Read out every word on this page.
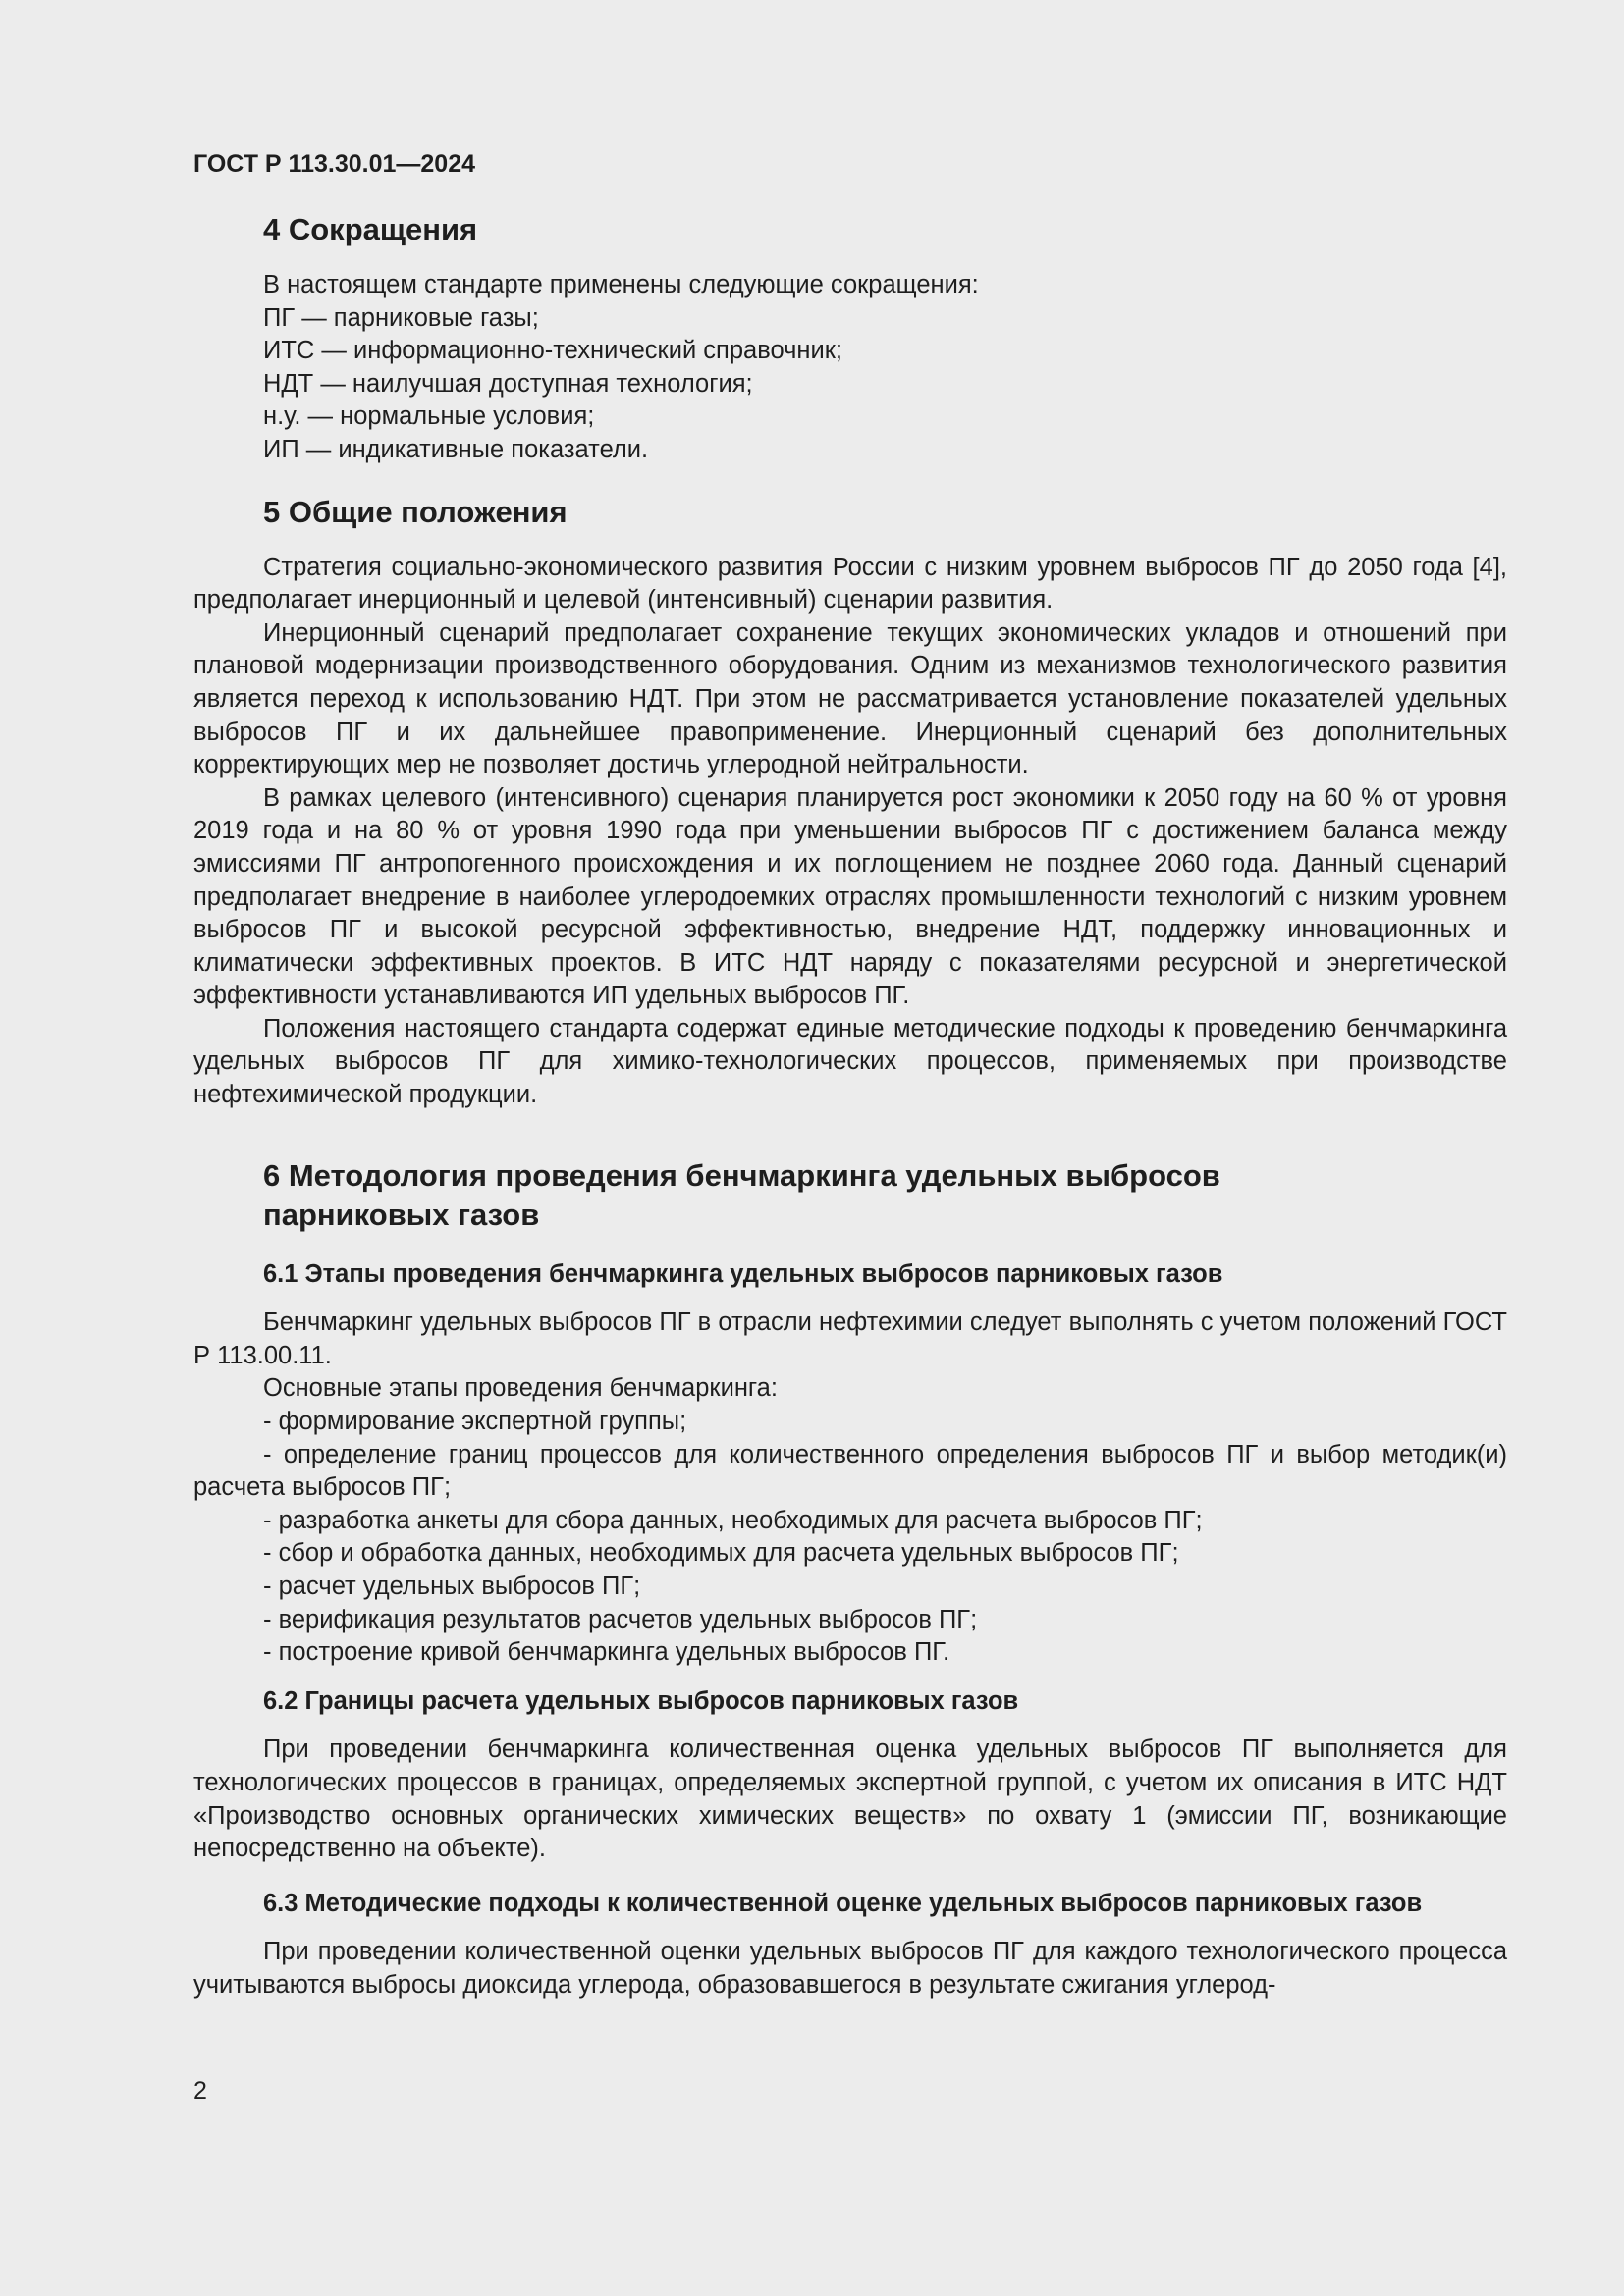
ГОСТ Р 113.30.01—2024
4 Сокращения

В настоящем стандарте применены следующие сокращения:

ПГ — парниковые газы;

ИТС — информационно-технический справочник;

НДТ — наилучшая доступная технология;

н.у. — нормальные условия;

ИП — индикативные показатели.

5 Общие положения

Стратегия социально-экономического развития России с низким уровнем выбросов ПГ до 2050 года [4], предполагает инерционный и целевой (интенсивный) сценарии развития.

Инерционный сценарий предполагает сохранение текущих экономических укладов и отношений при плановой модернизации производственного оборудования. Одним из механизмов технологического развития является переход к использованию НДТ. При этом не рассматривается установление показателей удельных выбросов ПГ и их дальнейшее правоприменение. Инерционный сценарий без дополнительных корректирующих мер не позволяет достичь углеродной нейтральности.

В рамках целевого (интенсивного) сценария планируется рост экономики к 2050 году на 60 % от уровня 2019 года и на 80 % от уровня 1990 года при уменьшении выбросов ПГ с достижением баланса между эмиссиями ПГ антропогенного происхождения и их поглощением не позднее 2060 года. Данный сценарий предполагает внедрение в наиболее углеродоемких отраслях промышленности технологий с низким уровнем выбросов ПГ и высокой ресурсной эффективностью, внедрение НДТ, поддержку инновационных и климатически эффективных проектов. В ИТС НДТ наряду с показателями ресурсной и энергетической эффективности устанавливаются ИП удельных выбросов ПГ.

Положения настоящего стандарта содержат единые методические подходы к проведению бенчмаркинга удельных выбросов ПГ для химико-технологических процессов, применяемых при производстве нефтехимической продукции.

6 Методология проведения бенчмаркинга удельных выбросов
парниковых газов
6.1 Этапы проведения бенчмаркинга удельных выбросов парниковых газов

Бенчмаркинг удельных выбросов ПГ в отрасли нефтехимии следует выполнять с учетом положений ГОСТ Р 113.00.11.

Основные этапы проведения бенчмаркинга:

- формирование экспертной группы;

- определение границ процессов для количественного определения выбросов ПГ и выбор методик(и) расчета выбросов ПГ;

- разработка анкеты для сбора данных, необходимых для расчета выбросов ПГ;

- сбор и обработка данных, необходимых для расчета удельных выбросов ПГ;

- расчет удельных выбросов ПГ;

- верификация результатов расчетов удельных выбросов ПГ;

- построение кривой бенчмаркинга удельных выбросов ПГ.

6.2 Границы расчета удельных выбросов парниковых газов

При проведении бенчмаркинга количественная оценка удельных выбросов ПГ выполняется для технологических процессов в границах, определяемых экспертной группой, с учетом их описания в ИТС НДТ «Производство основных органических химических веществ» по охвату 1 (эмиссии ПГ, возникающие непосредственно на объекте).

6.3 Методические подходы к количественной оценке удельных выбросов парниковых газов

При проведении количественной оценки удельных выбросов ПГ для каждого технологического процесса учитываются выбросы диоксида углерода, образовавшегося в результате сжигания углерод-

2
